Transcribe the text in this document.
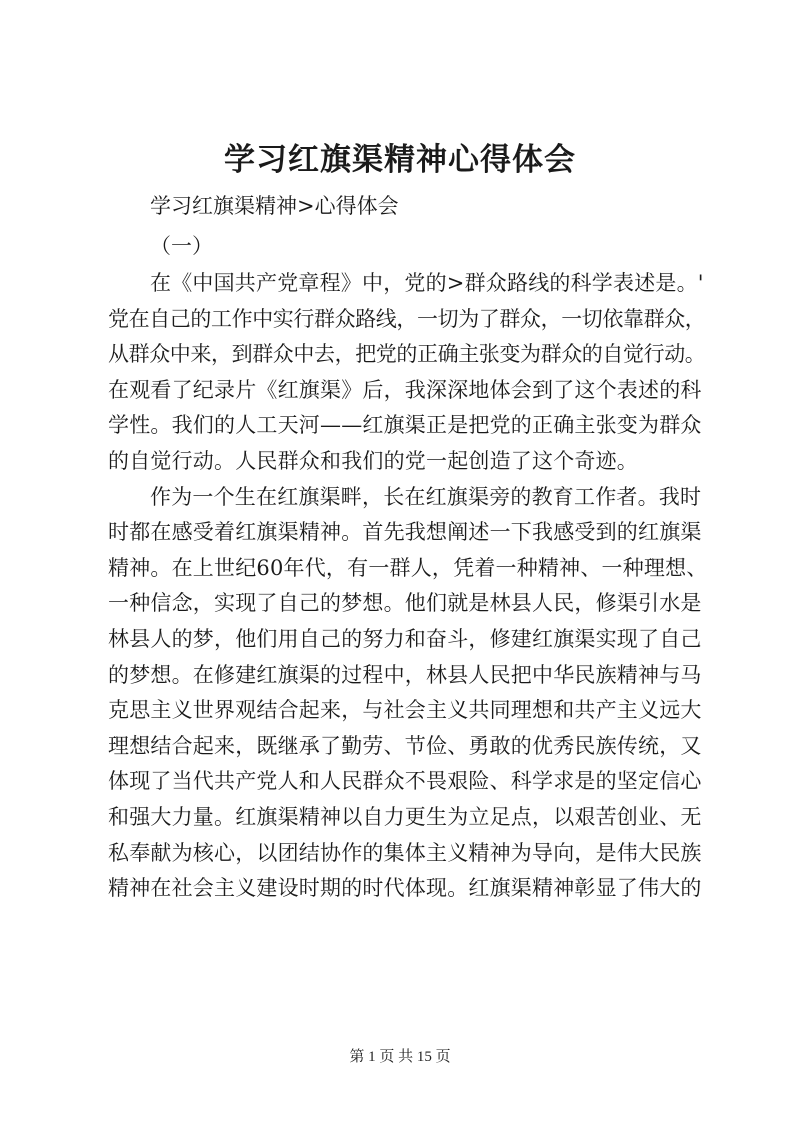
学习红旗渠精神心得体会

学习红旗渠精神>心得体会

（一）

在《中国共产党章程》中，党的>群众路线的科学表述是。'
党在自己的工作中实行群众路线，一切为了群众，一切依靠群众，
从群众中来，到群众中去，把党的正确主张变为群众的自觉行动。
在观看了纪录片《红旗渠》后，我深深地体会到了这个表述的科
学性。我们的人工天河——红旗渠正是把党的正确主张变为群众
的自觉行动。人民群众和我们的党一起创造了这个奇迹。

作为一个生在红旗渠畔，长在红旗渠旁的教育工作者。我时
时都在感受着红旗渠精神。首先我想阐述一下我感受到的红旗渠
精神。在上世纪60年代，有一群人，凭着一种精神、一种理想、
一种信念，实现了自己的梦想。他们就是林县人民，修渠引水是
林县人的梦，他们用自己的努力和奋斗，修建红旗渠实现了自己
的梦想。在修建红旗渠的过程中，林县人民把中华民族精神与马
克思主义世界观结合起来，与社会主义共同理想和共产主义远大
理想结合起来，既继承了勤劳、节俭、勇敢的优秀民族传统，又
体现了当代共产党人和人民群众不畏艰险、科学求是的坚定信心
和强大力量。红旗渠精神以自力更生为立足点，以艰苦创业、无
私奉献为核心，以团结协作的集体主义精神为导向，是伟大民族
精神在社会主义建设时期的时代体现。红旗渠精神彰显了伟大的

第 1 页 共 15 页
